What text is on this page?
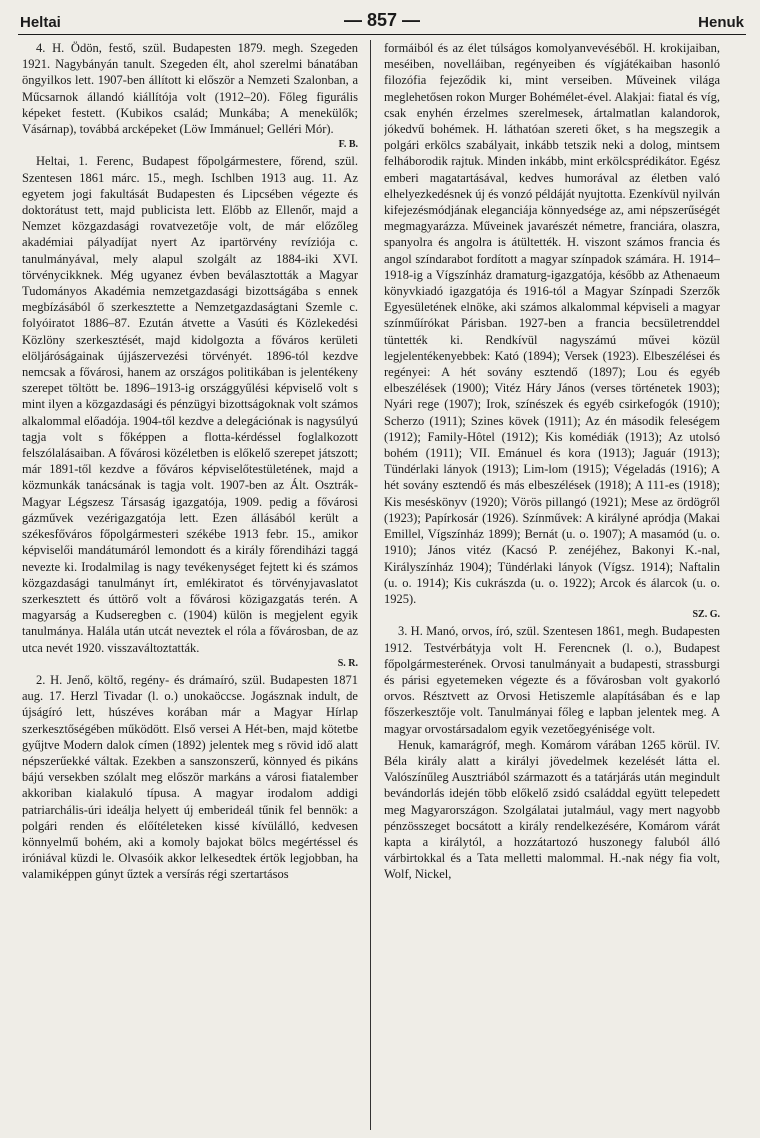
Heltai	— 857 —	Henuk

4. H. Ödön, festő, szül. Budapesten 1879. megh. Szegeden 1921. Nagybányán tanult. Szegeden élt, ahol szerelmi bánatában öngyilkos lett. 1907-ben állított ki először a Nemzeti Szalonban, a Műcsarnok állandó kiállítója volt (1912–20). Főleg figurális képeket festett. (Kubikos család; Munkába; A menekülők; Vásárnap), továbbá arcképeket (Löw Immánuel; Gelléri Mór).

F. B.

Heltai, 1. Ferenc, Budapest főpolgármestere, főrend, szül. Szentesen 1861 márc. 15., megh. Ischlben 1913 aug. 11. Az egyetem jogi fakultását Budapesten és Lipcsében végezte és doktorátust tett, majd publicista lett. Előbb az Ellenőr, majd a Nemzet közgazdasági rovatvezetője volt, de már előzőleg akadémiai pályadíjat nyert Az ipartörvény revíziója c. tanulmányával, mely alapul szolgált az 1884-iki XVI. törvénycikknek. Még ugyanez évben beválasztották a Magyar Tudományos Akadémia nemzetgazdasági bizottságába s ennek megbízásából ő szerkesztette a Nemzetgazdaságtani Szemle c. folyóiratot 1886–87. Ezután átvette a Vasúti és Közlekedési Közlöny szerkesztését, majd kidolgozta a főváros kerületi elöljáróságainak újjászervezési törvényét. 1896-tól kezdve nemcsak a fővárosi, hanem az országos politikában is jelentékeny szerepet töltött be. 1896–1913-ig országgyűlési képviselő volt s mint ilyen a közgazdasági és pénzügyi bizottságoknak volt számos alkalommal előadója. 1904-től kezdve a delegációnak is nagysúlyú tagja volt s főképpen a flotta-kérdéssel foglalkozott felszólalásaiban. A fővárosi közéletben is előkelő szerepet játszott; már 1891-től kezdve a főváros képviselőtestületének, majd a közmunkák tanácsának is tagja volt. 1907-ben az Ált. Osztrák-Magyar Légszesz Társaság igazgatója, 1909. pedig a fővárosi gázművek vezérigazgatója lett. Ezen állásából került a székesfőváros főpolgármesteri székébe 1913 febr. 15., amikor képviselői mandátumáról lemondott és a király főrendiházi taggá nevezte ki. Irodalmilag is nagy tevékenységet fejtett ki és számos közgazdasági tanulmányt írt, emlékiratot és törvényjavaslatot szerkesztett és úttörő volt a fővárosi közigazgatás terén. A magyarság a Kudseregben c. (1904) külön is megjelent egyik tanulmánya. Halála után utcát neveztek el róla a fővárosban, de az utca nevét 1920. visszaváltoztatták.

S. R.

2. H. Jenő, költő, regény- és drámaíró, szül. Budapesten 1871 aug. 17. Herzl Tivadar (l. o.) unokaöccse. Jogásznak indult, de újságíró lett, húszéves korában már a Magyar Hírlap szerkesztőségében működött. Első versei A Hét-ben, majd kötetbe gyűjtve Modern dalok címen (1892) jelentek meg s rövid idő alatt népszerűekké váltak. Ezekben a sanszonszerű, könnyed és pikáns bájú versekben szólalt meg először markáns a városi fiatalember akkoriban kialakuló típusa. A magyar irodalom addigi patriarchális-úri ideálja helyett új emberideál tűnik fel bennök: a polgári renden és előítéleteken kissé kívülálló, kedvesen könnyelmű bohém, aki a komoly bajokat bölcs megértéssel és iróniával küzdi le. Olvasóik akkor lelkesedtek értök legjobban, ha valamiképpen gúnyt űztek a versírás régi szertartásos

formáiból és az élet túlságos komolyanvevéséből. H. krokijaiban, meséiben, novelláiban, regényeiben és vígjátékaiban hasonló filozófia fejeződik ki, mint verseiben. Műveinek világa meglehetősen rokon Murger Bohémélet-ével. Alakjai: fiatal és víg, csak enyhén érzelmes szerelmesek, ártalmatlan kalandorok, jókedvű bohémek. H. láthatóan szereti őket, s ha megszegik a polgári erkölcs szabályait, inkább tetszik neki a dolog, mintsem felháborodik rajtuk. Minden inkább, mint erkölcsprédikátor. Egész emberi magatartásával, kedves humorával az életben való elhelyezkedésnek új és vonzó példáját nyujtotta. Ezenkívül nyilván kifejezésmódjának eleganciája könnyedsége az, ami népszerűségét megmagyarázza. Műveinek javarészét németre, franciára, olaszra, spanyolra és angolra is átültették. H. viszont számos francia és angol színdarabot fordított a magyar színpadok számára. H. 1914–1918-ig a Vígszínház dramaturg-igazgatója, később az Athenaeum könyvkiadó igazgatója és 1916-tól a Magyar Színpadi Szerzők Egyesületének elnöke, aki számos alkalommal képviseli a magyar színműírókat Párisban. 1927-ben a francia becsületrenddel tüntették ki. Rendkívül nagyszámú művei közül legjelentékenyebbek: Kató (1894); Versek (1923). Elbeszélései és regényei: A hét sovány esztendő (1897); Lou és egyéb elbeszélések (1900); Vitéz Háry János (verses történetek 1903); Nyári rege (1907); Irok, színészek és egyéb csirkefogók (1910); Scherzo (1911); Szines kövek (1911); Az én második feleségem (1912); Family-Hôtel (1912); Kis komédiák (1913); Az utolsó bohém (1911); VII. Emánuel és kora (1913); Jaguár (1913); Tündérlaki lányok (1913); Lim-lom (1915); Végeladás (1916); A hét sovány esztendő és más elbeszélések (1918); A 111-es (1918); Kis meséskönyv (1920); Vörös pillangó (1921); Mese az ördögről (1923); Papírkosár (1926). Színművek: A királyné apródja (Makai Emillel, Vígszínház 1899); Bernát (u. o. 1907); A masamód (u. o. 1910); János vitéz (Kacsó P. zenéjéhez, Bakonyi K.-nal, Királyszínház 1904); Tündérlaki lányok (Vígsz. 1914); Naftalin (u. o. 1914); Kis cukrászda (u. o. 1922); Arcok és álarcok (u. o. 1925).

SZ. G.

3. H. Manó, orvos, író, szül. Szentesen 1861, megh. Budapesten 1912. Testvérbátyja volt H. Ferencnek (l. o.), Budapest főpolgármesterének. Orvosi tanulmányait a budapesti, strassburgi és párisi egyetemeken végezte és a fővárosban volt gyakorló orvos. Résztvett az Orvosi Hetiszemle alapításában és e lap főszerkesztője volt. Tanulmányai főleg e lapban jelentek meg. A magyar orvostársadalom egyik vezetőegyénisége volt.

Henuk, kamarágróf, megh. Komárom várában 1265 körül. IV. Béla király alatt a királyi jövedelmek kezelését látta el. Valószínűleg Ausztriából származott és a tatárjárás után megindult bevándorlás idején több előkelő zsidó családdal együtt telepedett meg Magyarországon. Szolgálatai jutalmául, vagy mert nagyobb pénzösszeget bocsátott a király rendelkezésére, Komárom várát kapta a királytól, a hozzátartozó huszonegy faluból álló várbirtokkal és a Tata melletti malommal. H.-nak négy fia volt, Wolf, Nickel,
